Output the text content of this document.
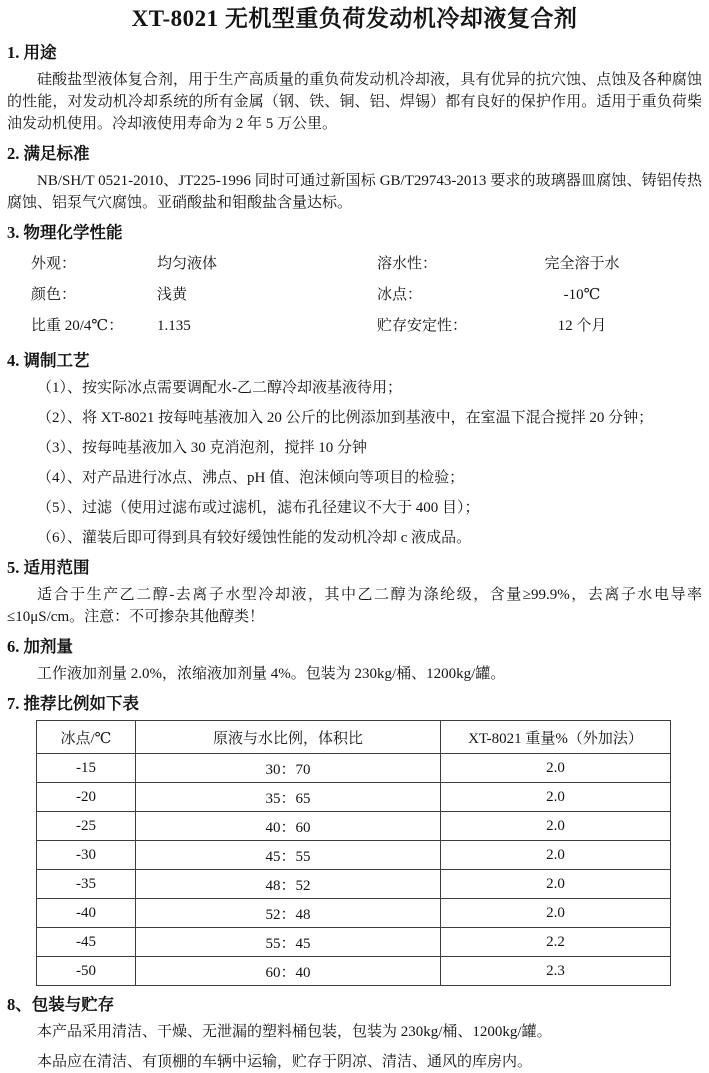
XT-8021 无机型重负荷发动机冷却液复合剂
1. 用途

硅酸盐型液体复合剂，用于生产高质量的重负荷发动机冷却液，具有优异的抗穴蚀、点蚀及各种腐蚀的性能，对发动机冷却系统的所有金属（钢、铁、铜、铝、焊锡）都有良好的保护作用。适用于重负荷柴油发动机使用。冷却液使用寿命为 2 年 5 万公里。

2. 满足标准

NB/SH/T 0521-2010、JT225-1996 同时可通过新国标 GB/T29743-2013 要求的玻璃器皿腐蚀、铸铝传热腐蚀、铝泵气穴腐蚀。亚硝酸盐和钼酸盐含量达标。

3. 物理化学性能
外观：	均匀液体	溶水性：	完全溶于水
颜色：	浅黄	冰点：	-10℃
比重 20/4℃：	1.135	贮存安定性：	12 个月
4. 调制工艺

（1）、按实际冰点需要调配水-乙二醇冷却液基液待用；

（2）、将 XT-8021 按每吨基液加入 20 公斤的比例添加到基液中，在室温下混合搅拌 20 分钟；

（3）、按每吨基液加入 30 克消泡剂，搅拌 10 分钟

（4）、对产品进行冰点、沸点、pH 值、泡沫倾向等项目的检验；

（5）、过滤（使用过滤布或过滤机，滤布孔径建议不大于 400 目）；

（6）、灌装后即可得到具有较好缓蚀性能的发动机冷却 c 液成品。

5. 适用范围

适合于生产乙二醇-去离子水型冷却液，其中乙二醇为涤纶级，含量≥99.9%，去离子水电导率≤10μS/cm。注意：不可掺杂其他醇类！

6. 加剂量

工作液加剂量 2.0%，浓缩液加剂量 4%。包装为 230kg/桶、1200kg/罐。

7. 推荐比例如下表
冰点/℃	原液与水比例，体积比	XT-8021 重量%（外加法）
-15	30：70	2.0
-20	35：65	2.0
-25	40：60	2.0
-30	45：55	2.0
-35	48：52	2.0
-40	52：48	2.0
-45	55：45	2.2
-50	60：40	2.3
8、包装与贮存

本产品采用清洁、干燥、无泄漏的塑料桶包装，包装为 230kg/桶、1200kg/罐。

本品应在清洁、有顶棚的车辆中运输，贮存于阴凉、清洁、通风的库房内。
